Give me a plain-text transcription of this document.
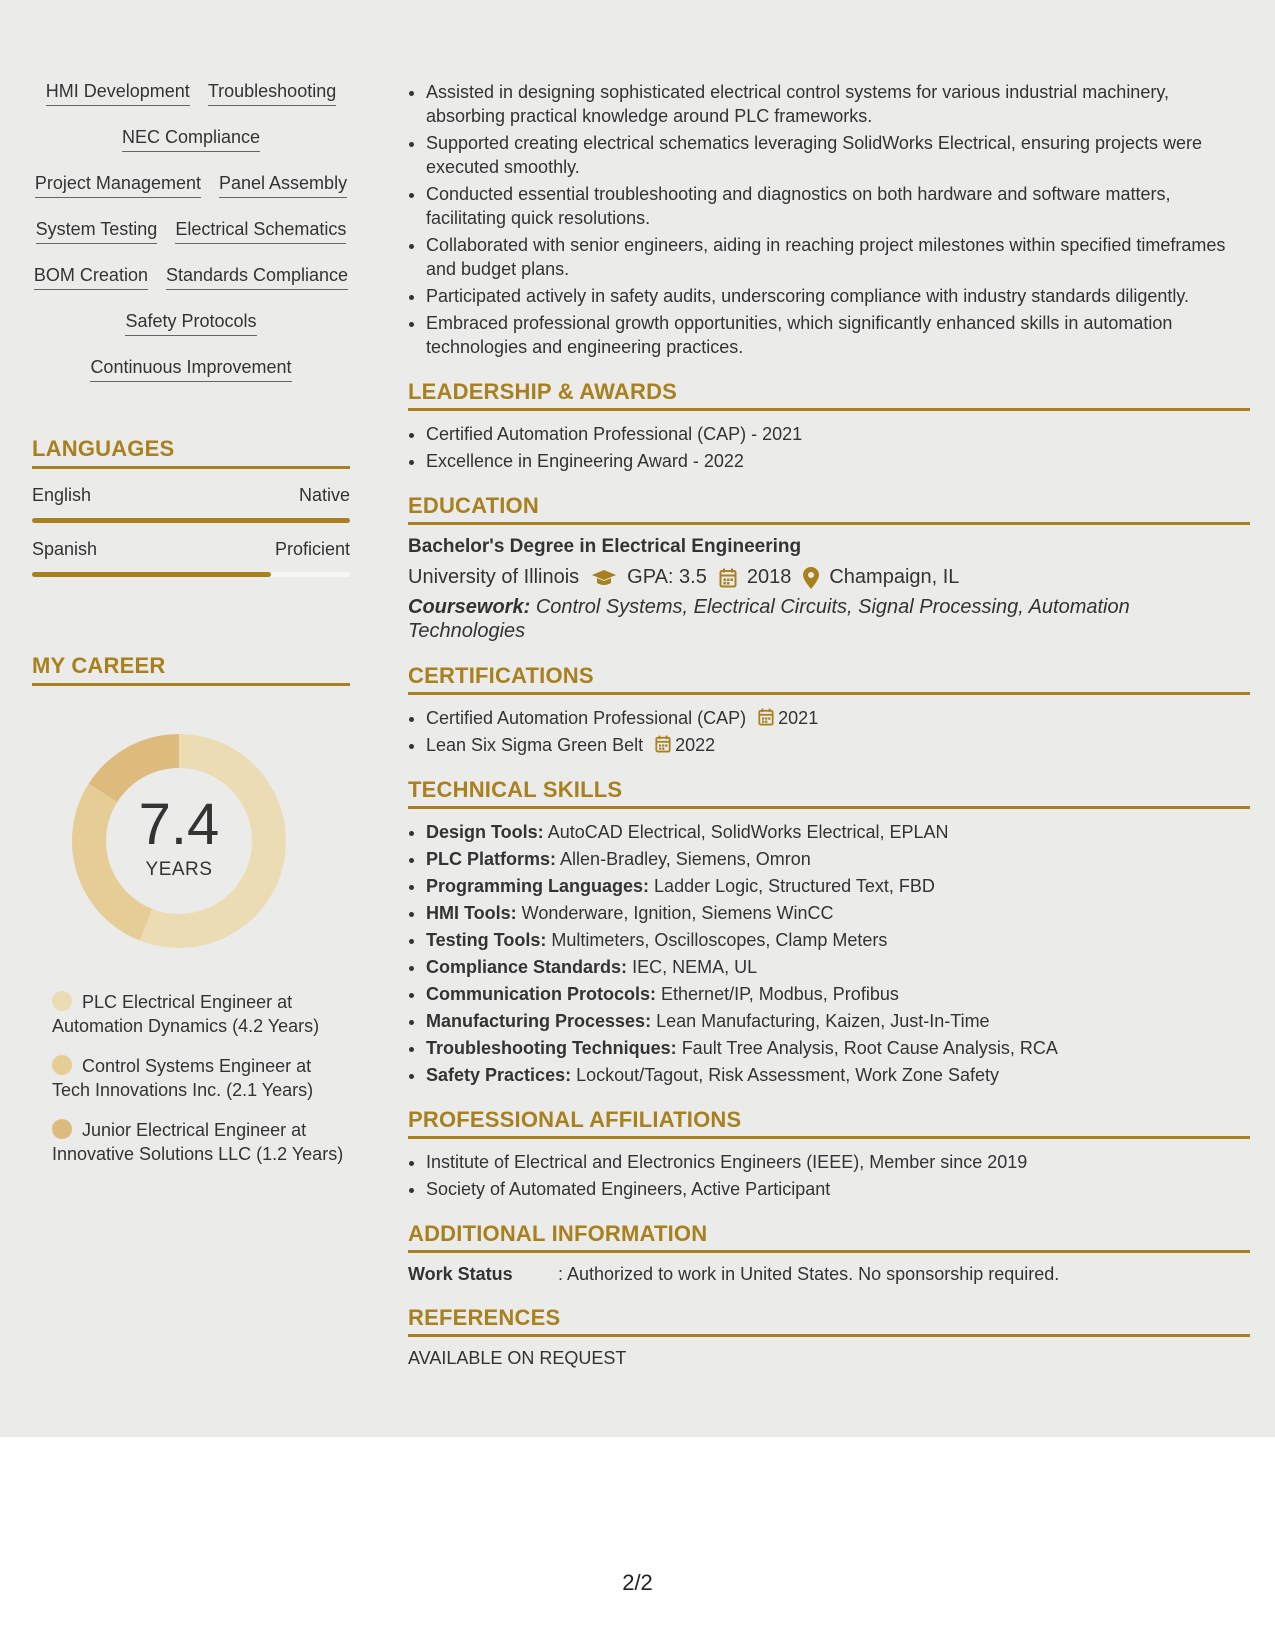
HMI Development Troubleshooting
NEC Compliance
Project Management Panel Assembly
System Testing Electrical Schematics
BOM Creation Standards Compliance
Safety Protocols
Continuous Improvement
LANGUAGES
English	Native
Spanish	Proficient
MY CAREER
7.4
YEARS
PLC Electrical Engineer at Automation Dynamics (4.2 Years)
Control Systems Engineer at Tech Innovations Inc. (2.1 Years)
Junior Electrical Engineer at Innovative Solutions LLC (1.2 Years)
• Assisted in designing sophisticated electrical control systems for various industrial machinery, absorbing practical knowledge around PLC frameworks.
• Supported creating electrical schematics leveraging SolidWorks Electrical, ensuring projects were executed smoothly.
• Conducted essential troubleshooting and diagnostics on both hardware and software matters, facilitating quick resolutions.
• Collaborated with senior engineers, aiding in reaching project milestones within specified timeframes and budget plans.
• Participated actively in safety audits, underscoring compliance with industry standards diligently.
• Embraced professional growth opportunities, which significantly enhanced skills in automation technologies and engineering practices.
LEADERSHIP & AWARDS
• Certified Automation Professional (CAP) - 2021
• Excellence in Engineering Award - 2022
EDUCATION
Bachelor's Degree in Electrical Engineering
University of Illinois GPA: 3.5 2018 Champaign, IL
Coursework: Control Systems, Electrical Circuits, Signal Processing, Automation Technologies
CERTIFICATIONS
• Certified Automation Professional (CAP) 2021
• Lean Six Sigma Green Belt 2022
TECHNICAL SKILLS
• Design Tools: AutoCAD Electrical, SolidWorks Electrical, EPLAN
• PLC Platforms: Allen-Bradley, Siemens, Omron
• Programming Languages: Ladder Logic, Structured Text, FBD
• HMI Tools: Wonderware, Ignition, Siemens WinCC
• Testing Tools: Multimeters, Oscilloscopes, Clamp Meters
• Compliance Standards: IEC, NEMA, UL
• Communication Protocols: Ethernet/IP, Modbus, Profibus
• Manufacturing Processes: Lean Manufacturing, Kaizen, Just-In-Time
• Troubleshooting Techniques: Fault Tree Analysis, Root Cause Analysis, RCA
• Safety Practices: Lockout/Tagout, Risk Assessment, Work Zone Safety
PROFESSIONAL AFFILIATIONS
• Institute of Electrical and Electronics Engineers (IEEE), Member since 2019
• Society of Automated Engineers, Active Participant
ADDITIONAL INFORMATION
Work Status	: Authorized to work in United States. No sponsorship required.
REFERENCES
AVAILABLE ON REQUEST
2/2
